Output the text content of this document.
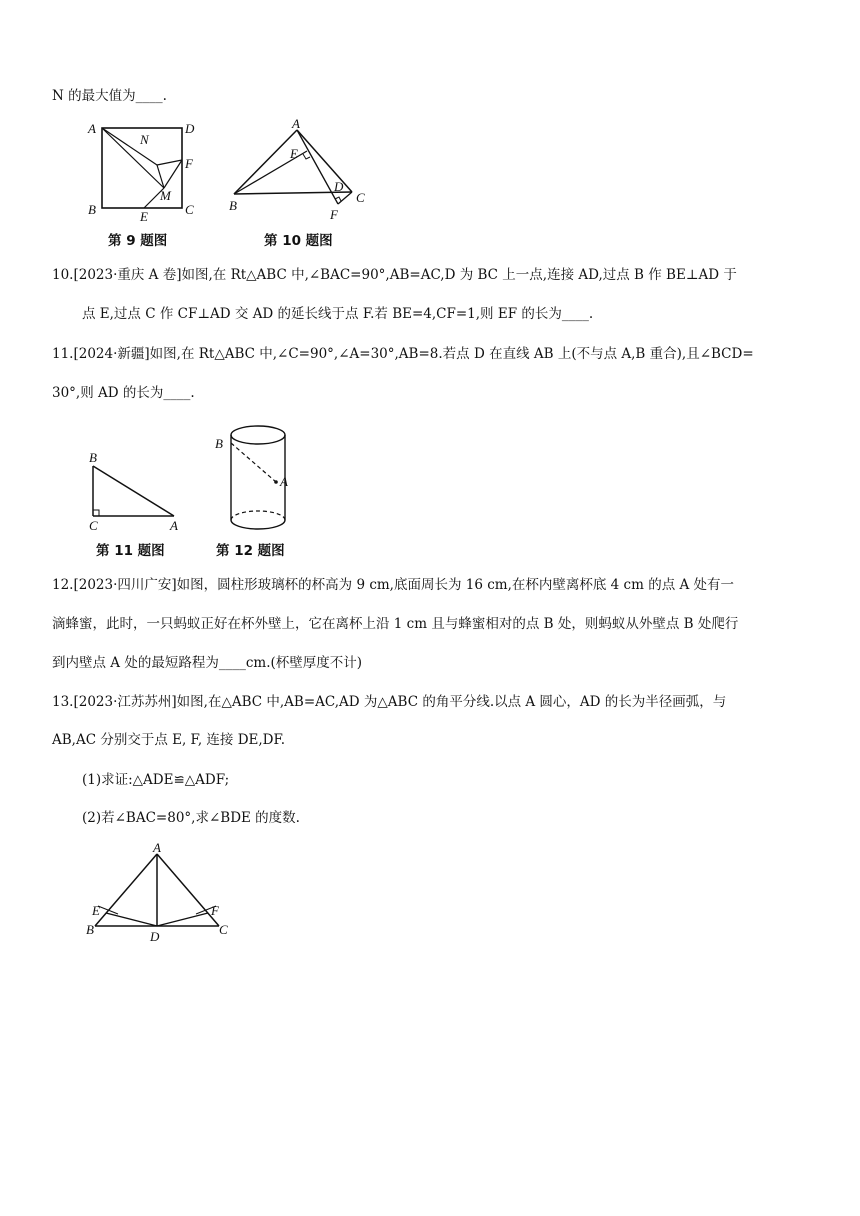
N 的最大值为____.
A	D
N
F
M
B	E	C
第 9 题图
A
E
D
C
B
F
第 10 题图
10.[2023·重庆 A 卷]如图,在 Rt△ABC 中,∠BAC=90°,AB=AC,D 为 BC 上一点,连接 AD,过点 B 作 BE⊥AD 于
点 E,过点 C 作 CF⊥AD 交 AD 的延长线于点 F.若 BE=4,CF=1,则 EF 的长为____.
11.[2024·新疆]如图,在 Rt△ABC 中,∠C=90°,∠A=30°,AB=8.若点 D 在直线 AB 上(不与点 A,B 重合),且∠BCD=
30°,则 AD 的长为____.
B
C	A
第 11 题图
B
A
第 12 题图
12.[2023·四川广安]如图，圆柱形玻璃杯的杯高为 9 cm,底面周长为 16 cm,在杯内壁离杯底 4 cm 的点 A 处有一
滴蜂蜜，此时，一只蚂蚁正好在杯外壁上，它在离杯上沿 1 cm 且与蜂蜜相对的点 B 处，则蚂蚁从外壁点 B 处爬行
到内壁点 A 处的最短路程为____cm.(杯壁厚度不计)
13.[2023·江苏苏州]如图,在△ABC 中,AB=AC,AD 为△ABC 的角平分线.以点 A 圆心，AD 的长为半径画弧，与
AB,AC 分别交于点 E, F, 连接 DE,DF.
(1)求证:△ADE≌△ADF;
(2)若∠BAC=80°,求∠BDE 的度数.
A
E	F
B	D	C
